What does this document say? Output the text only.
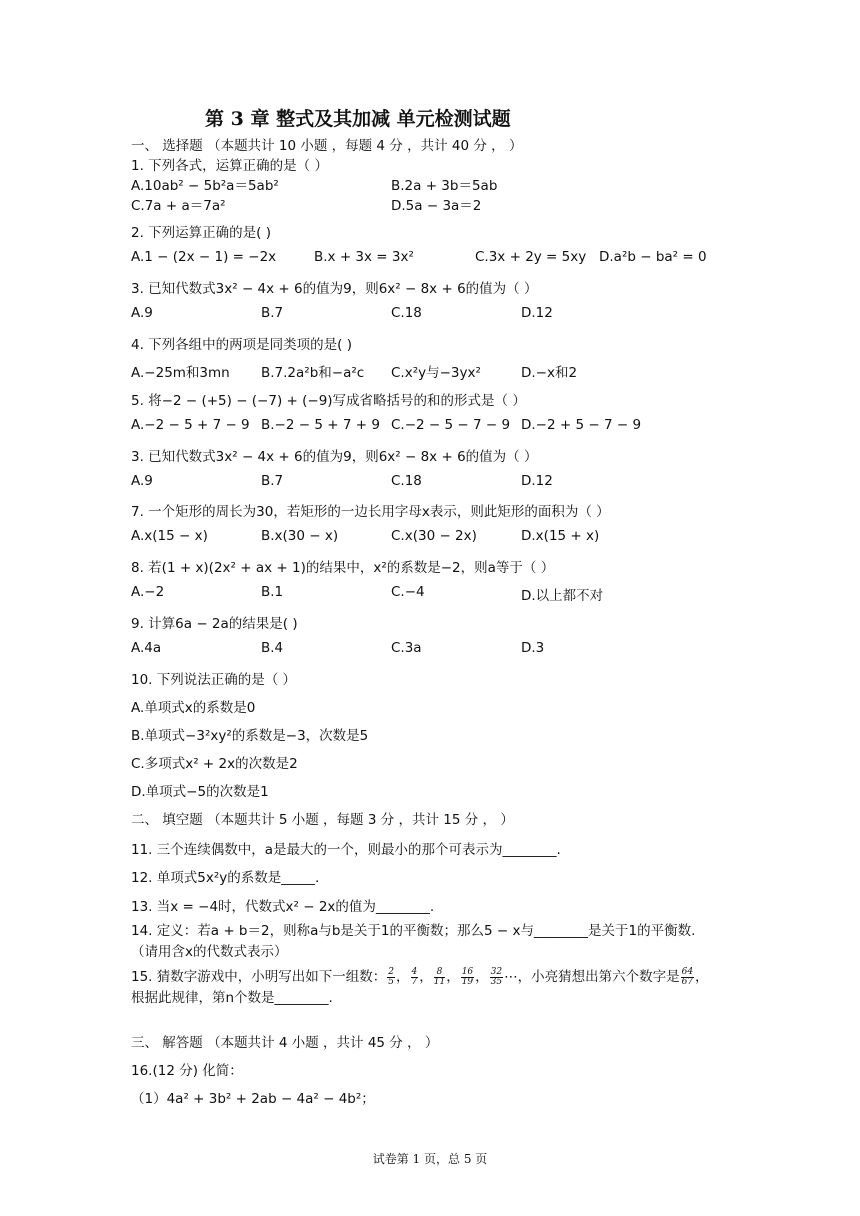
第 3 章 整式及其加减 单元检测试题
一、 选择题 （本题共计 10 小题 ，每题 4 分 ，共计 40 分 ， ）
1. 下列各式，运算正确的是（ ）
A.10ab² − 5b²a＝5ab²	B.2a + 3b＝5ab
C.7a + a＝7a²	D.5a − 3a＝2
2. 下列运算正确的是( )
A.1 − (2x − 1) = −2x	B.x + 3x = 3x²	C.3x + 2y = 5xy D.a²b − ba² = 0
3. 已知代数式3x² − 4x + 6的值为9，则6x² − 8x + 6的值为（ ）
A.9	B.7	C.18	D.12
4. 下列各组中的两项是同类项的是( )
A.−25m和3mn B.7.2a²b和−a²c C.x²y与−3yx²	D.−x和2
5. 将−2 − (+5) − (−7) + (−9)写成省略括号的和的形式是（ ）
A.−2 − 5 + 7 − 9 B.−2 − 5 + 7 + 9 C.−2 − 5 − 7 − 9 D.−2 + 5 − 7 − 9
3. 已知代数式3x² − 4x + 6的值为9，则6x² − 8x + 6的值为（ ）
A.9	B.7	C.18	D.12
7. 一个矩形的周长为30，若矩形的一边长用字母x表示，则此矩形的面积为（ ）
A.x(15 − x)	B.x(30 − x)	C.x(30 − 2x)	D.x(15 + x)
8. 若(1 + x)(2x² + ax + 1)的结果中，x²的系数是−2，则a等于（ ）
A.−2	B.1	C.−4	D.以上都不对
9. 计算6a − 2a的结果是( )
A.4a	B.4	C.3a	D.3
10. 下列说法正确的是（ ）
A.单项式x的系数是0
B.单项式−3²xy²的系数是−3，次数是5
C.多项式x² + 2x的次数是2
D.单项式−5的次数是1
二、 填空题 （本题共计 5 小题 ，每题 3 分 ，共计 15 分 ， ）
11. 三个连续偶数中，a是最大的一个，则最小的那个可表示为________.
12. 单项式5x²y的系数是_____.
13. 当x = −4时，代数式x² − 2x的值为________.
14. 定义：若a + b＝2，则称a与b是关于1的平衡数；那么5 − x与________是关于1的平衡数.（请用含x的代数式表示）
15. 猜数字游戏中，小明写出如下一组数： $\frac{2}{5}$ ， $\frac{4}{7}$ ， $\frac{8}{11}$ ， $\frac{16}{19}$ ， $\frac{32}{35}$ ⋯，小亮猜想出第六个数字是 $\frac{64}{67}$ ，根据此规律，第n个数是________.
三、 解答题 （本题共计 4 小题 ，共计 45 分 ， ）
16.(12 分) 化简：
（1）4a² + 3b² + 2ab − 4a² − 4b²；
试卷第 1 页，总 5 页
